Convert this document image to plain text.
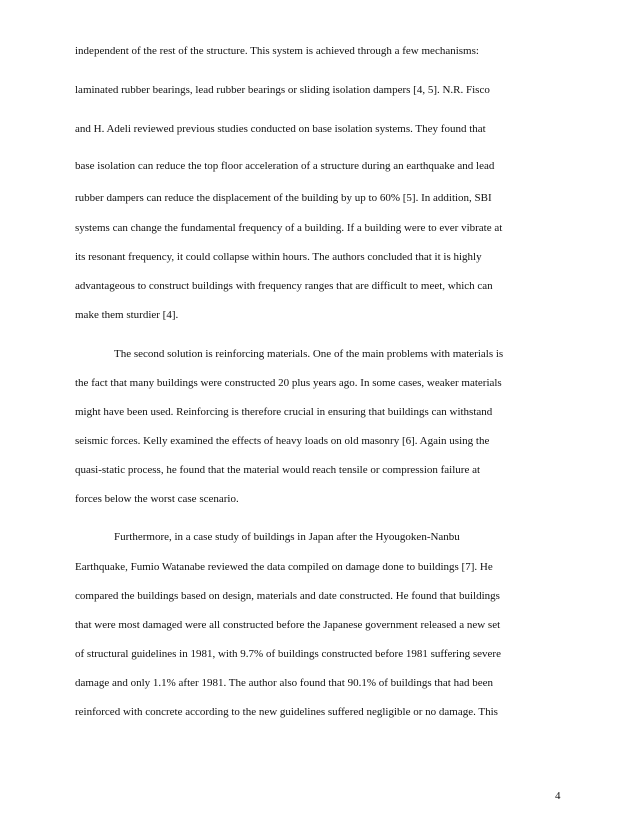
independent of the rest of the structure. This system is achieved through a few mechanisms:
laminated rubber bearings, lead rubber bearings or sliding isolation dampers [4, 5]. N.R. Fisco
and H. Adeli reviewed previous studies conducted on base isolation systems. They found that
base isolation can reduce the top floor acceleration of a structure during an earthquake and lead
rubber dampers can reduce the displacement of the building by up to 60% [5]. In addition, SBI
systems can change the fundamental frequency of a building. If a building were to ever vibrate at
its resonant frequency, it could collapse within hours. The authors concluded that it is highly
advantageous to construct buildings with frequency ranges that are difficult to meet, which can
make them sturdier [4].
The second solution is reinforcing materials. One of the main problems with materials is
the fact that many buildings were constructed 20 plus years ago. In some cases, weaker materials
might have been used. Reinforcing is therefore crucial in ensuring that buildings can withstand
seismic forces. Kelly examined the effects of heavy loads on old masonry [6]. Again using the
quasi-static process, he found that the material would reach tensile or compression failure at
forces below the worst case scenario.
Furthermore, in a case study of buildings in Japan after the Hyougoken-Nanbu
Earthquake, Fumio Watanabe reviewed the data compiled on damage done to buildings [7]. He
compared the buildings based on design, materials and date constructed. He found that buildings
that were most damaged were all constructed before the Japanese government released a new set
of structural guidelines in 1981, with 9.7% of buildings constructed before 1981 suffering severe
damage and only 1.1% after 1981. The author also found that 90.1% of buildings that had been
reinforced with concrete according to the new guidelines suffered negligible or no damage. This
4
